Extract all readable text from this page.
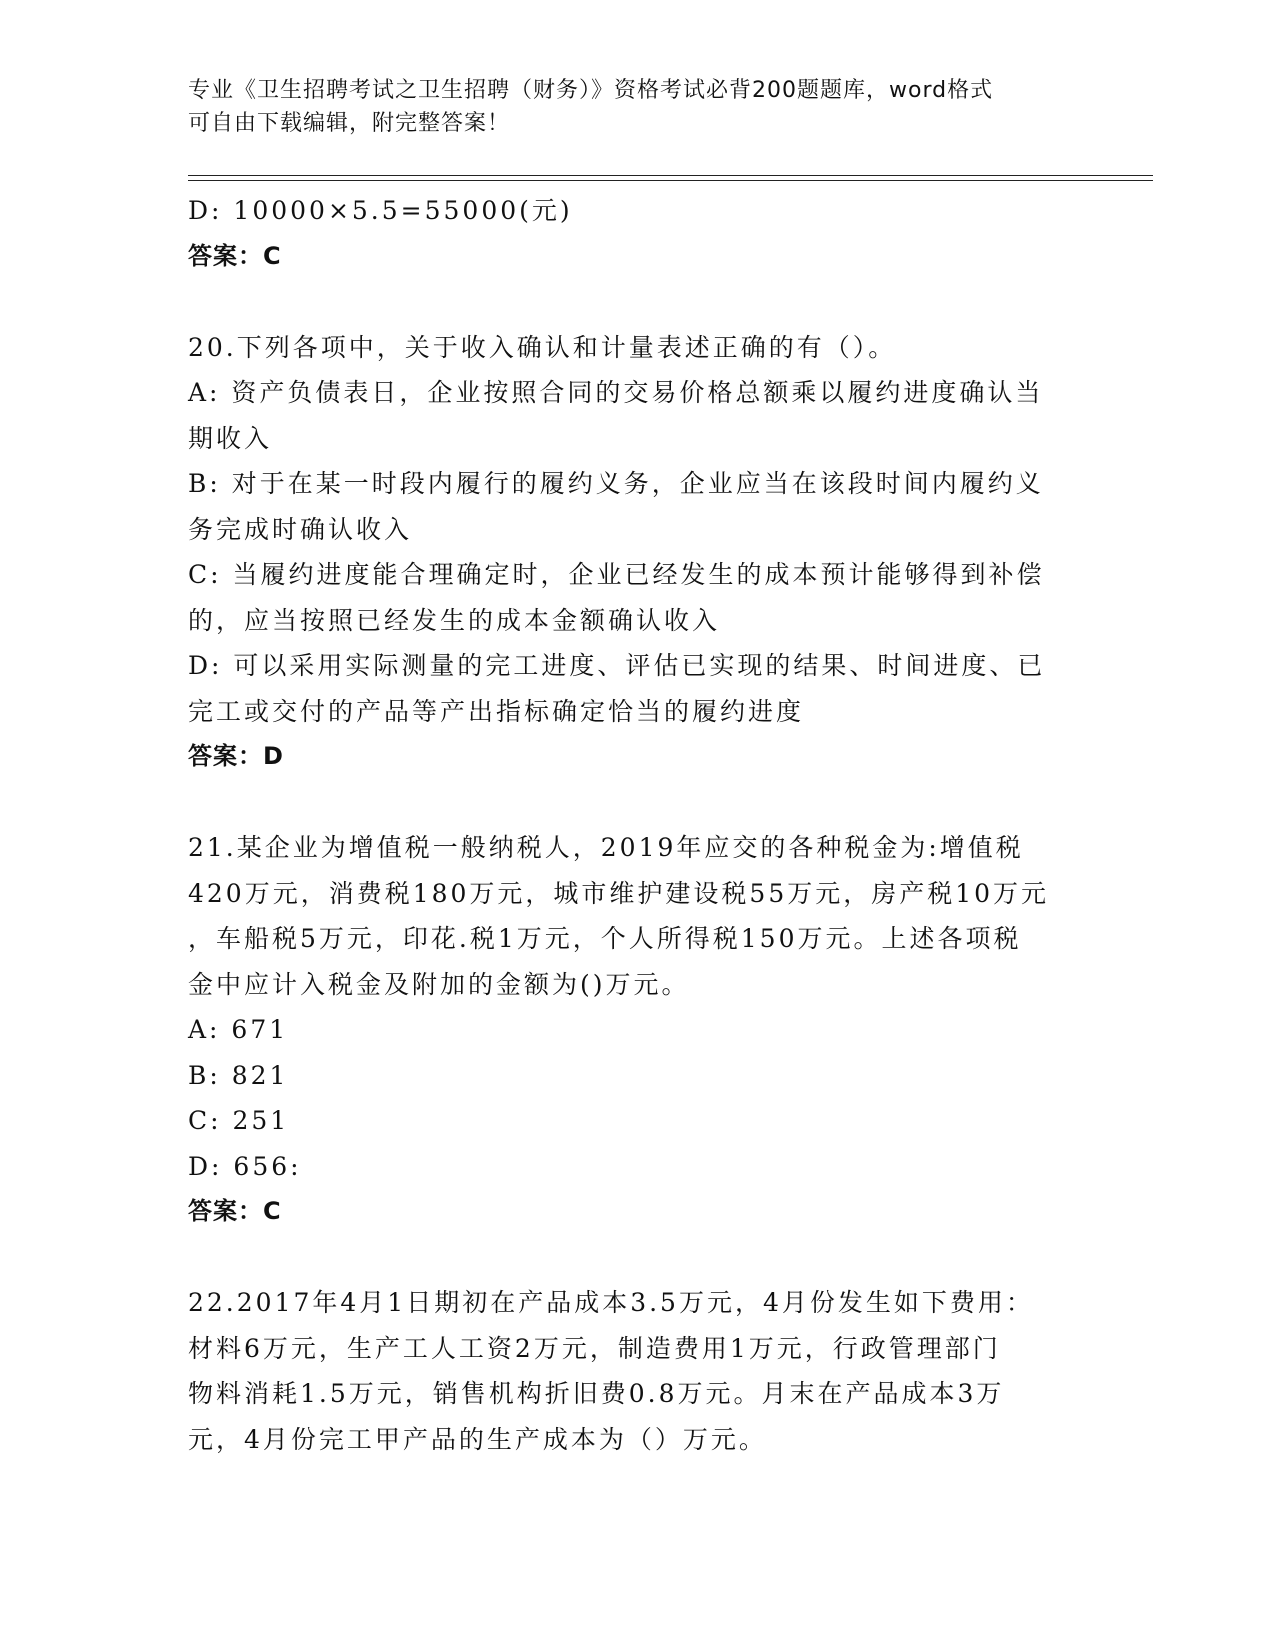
专业《卫生招聘考试之卫生招聘（财务）》资格考试必背200题题库，word格式
可自由下载编辑，附完整答案！
D: 10000×5.5=55000(元)
答案：C
20.下列各项中，关于收入确认和计量表述正确的有（）。
A: 资产负债表日，企业按照合同的交易价格总额乘以履约进度确认当
期收入
B: 对于在某一时段内履行的履约义务，企业应当在该段时间内履约义
务完成时确认收入
C: 当履约进度能合理确定时，企业已经发生的成本预计能够得到补偿
的，应当按照已经发生的成本金额确认收入
D: 可以采用实际测量的完工进度、评估已实现的结果、时间进度、已
完工或交付的产品等产出指标确定恰当的履约进度
答案：D
21.某企业为增值税一般纳税人，2019年应交的各种税金为:增值税
420万元，消费税180万元，城市维护建设税55万元，房产税10万元
，车船税5万元，印花.税1万元，个人所得税150万元。上述各项税
金中应计入税金及附加的金额为()万元。
A: 671
B: 821
C: 251
D: 656:
答案：C
22.2017年4月1日期初在产品成本3.5万元，4月份发生如下费用：
材料6万元，生产工人工资2万元，制造费用1万元，行政管理部门
物料消耗1.5万元，销售机构折旧费0.8万元。月末在产品成本3万
元，4月份完工甲产品的生产成本为（）万元。
